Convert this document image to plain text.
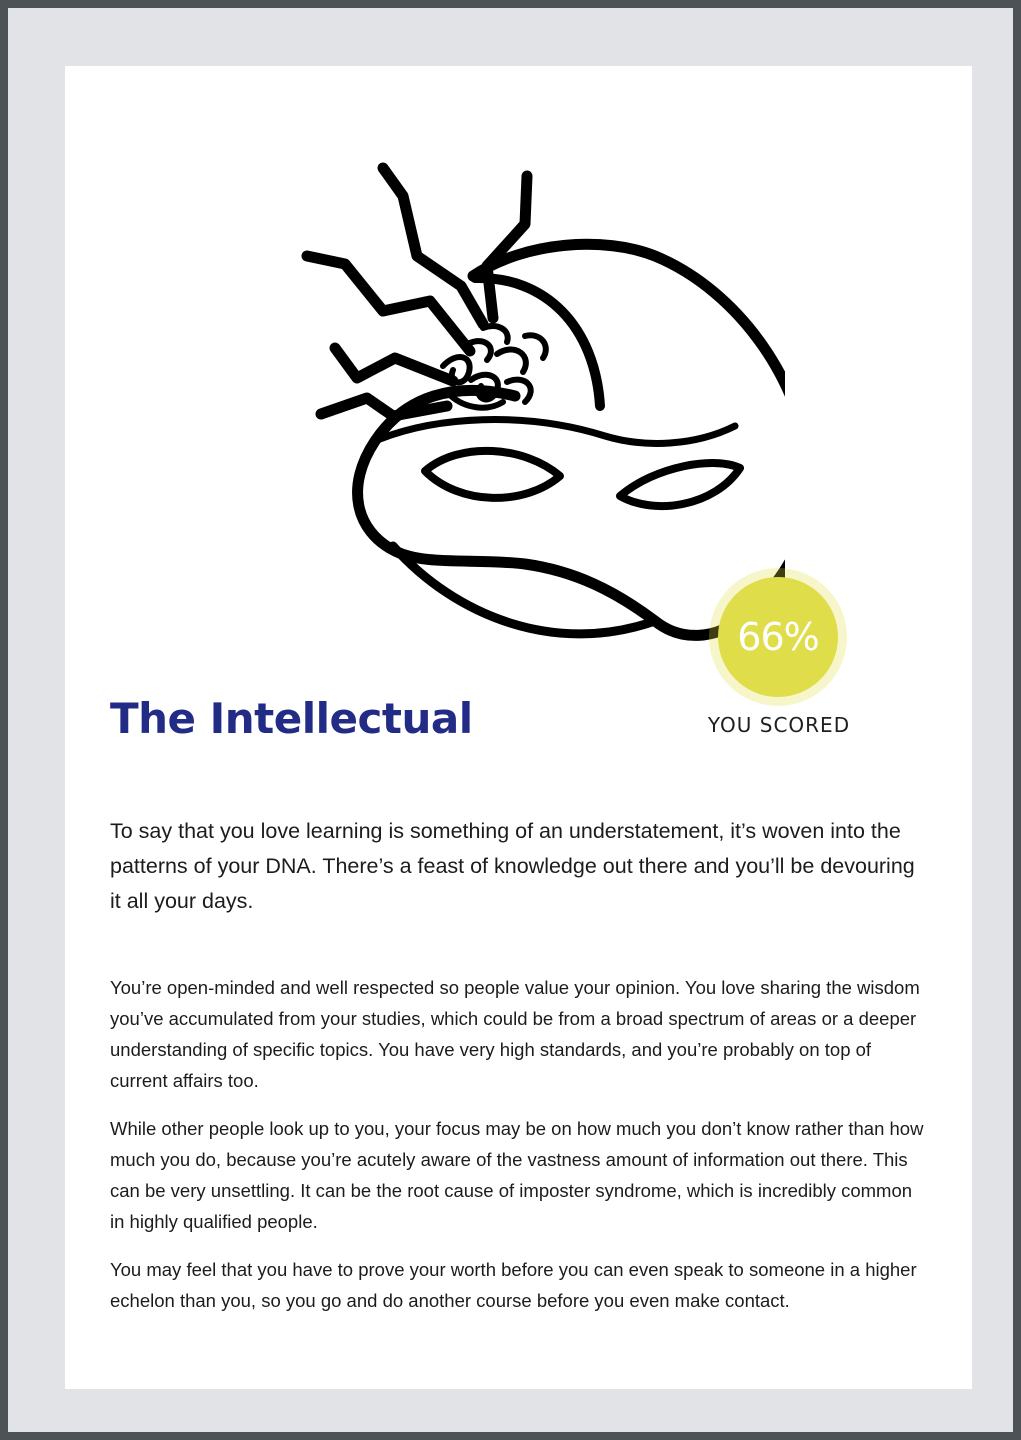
66%
YOU SCORED
The Intellectual

To say that you love learning is something of an understatement, it’s woven into the patterns of your DNA. There’s a feast of knowledge out there and you’ll be devouring it all your days.

You’re open-minded and well respected so people value your opinion. You love sharing the wisdom you’ve accumulated from your studies, which could be from a broad spectrum of areas or a deeper understanding of specific topics. You have very high standards, and you’re probably on top of current affairs too.

While other people look up to you, your focus may be on how much you don’t know rather than how much you do, because you’re acutely aware of the vastness amount of information out there. This can be very unsettling. It can be the root cause of imposter syndrome, which is incredibly common in highly qualified people.

You may feel that you have to prove your worth before you can even speak to someone in a higher echelon than you, so you go and do another course before you even make contact.
